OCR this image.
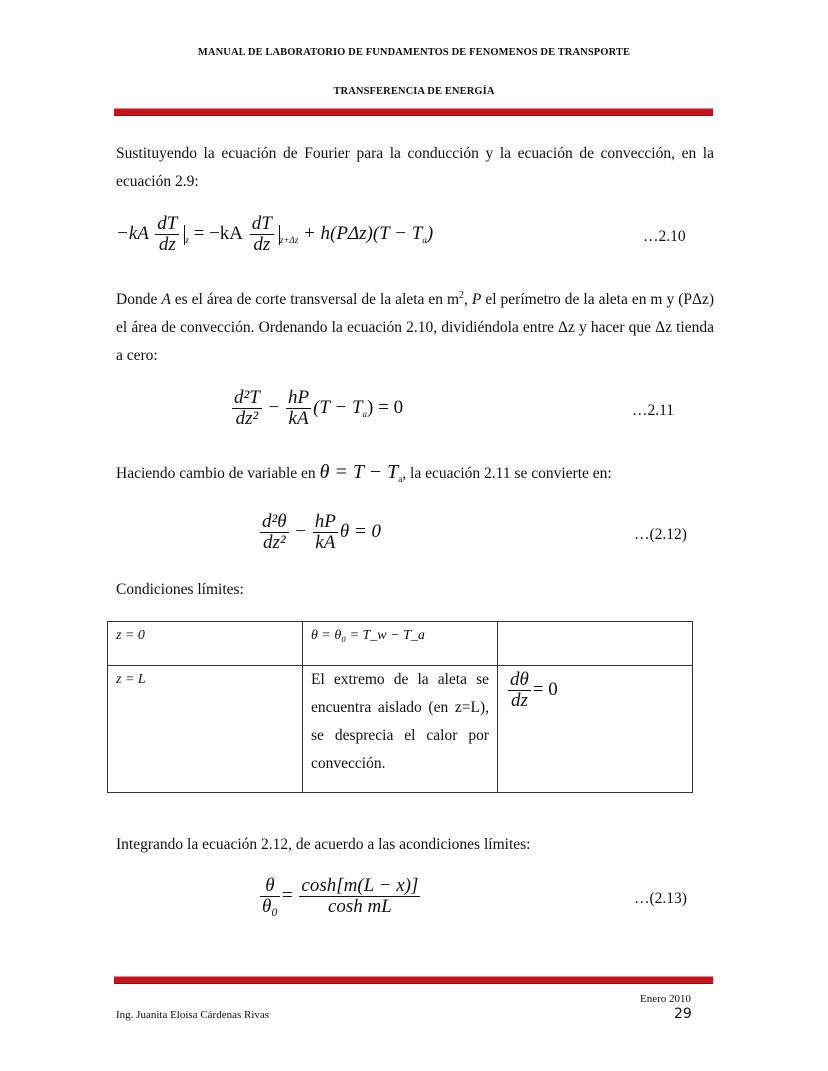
MANUAL DE LABORATORIO DE FUNDAMENTOS DE FENOMENOS DE TRANSPORTE
TRANSFERENCIA DE ENERGÍA

Sustituyendo la ecuación de Fourier para la conducción y la ecuación de convección, en la ecuación 2.9:

$-kA \frac{dT}{dz} _z = -kA \frac{dT}{dz} _{z+\Delta z} + h(P\Delta z)(T - T_a)$	…2.10

Donde A es el área de corte transversal de la aleta en $m^2$, P el perímetro de la aleta en m y (PΔz) el área de convección. Ordenando la ecuación 2.10, dividiéndola entre Δz y hacer que Δz tienda a cero:

$\frac{\text{d²T}}{\text{dz²}} - \frac{hP}{kA} (T - T_a) = 0$	…2.11

Haciendo cambio de variable en $\theta = T - T_a$, la ecuación 2.11 se convierte en:

$\frac{\text{d²θ}}{\text{dz²}} - \frac{hP}{kA}$ θ = 0	…(2.12)

Condiciones límites:

z = 0	θ = θ₀ = T_w − T_a	
z = L	El extremo de la aleta se encuentra aislado (en z=L), se desprecia el calor por convección.	$\frac{d\theta}{dz} = 0$

Integrando la ecuación 2.12, de acuerdo a las acondiciones límites:

$\frac{\theta}{\text{θ₀}} = \frac{\cosh[m(L - x)]}{\text{cosh mL}}$	…(2.13)
Enero 2010
Ing. Juanita Eloísa Cárdenas Rivas	29
